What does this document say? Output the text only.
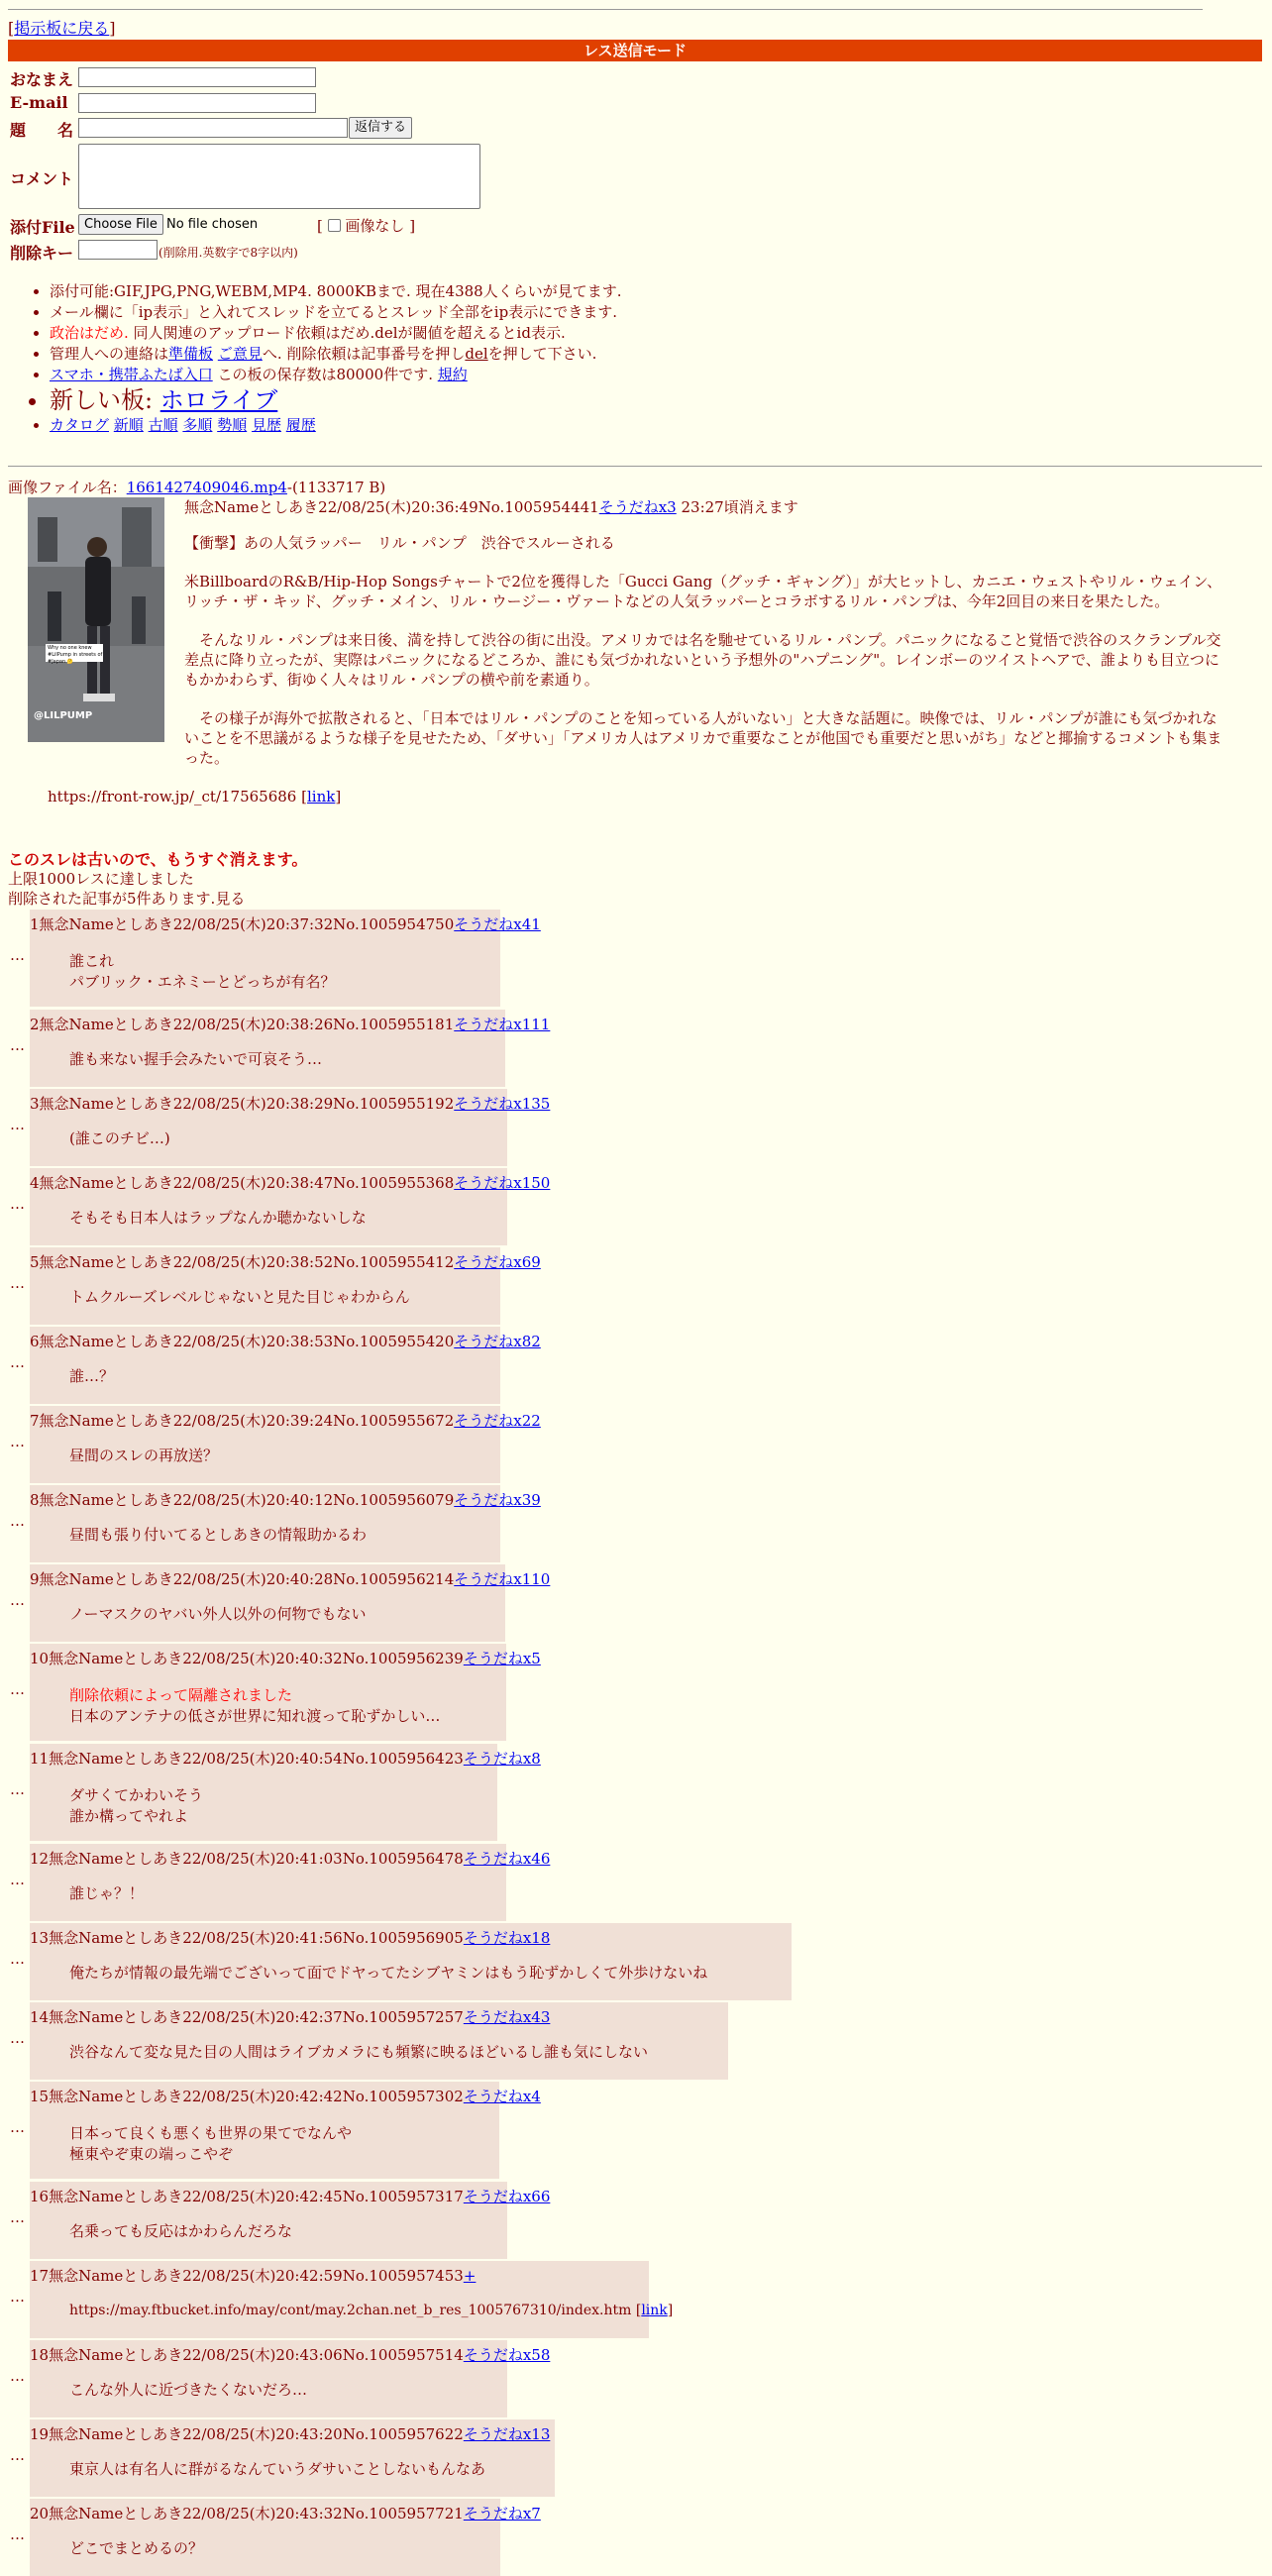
[掲示板に戻る]
レス送信モード
おなまえ
E-mail
題　　名	返信する
コメント
添付File Choose File No file chosen	[ 画像なし ]
削除キー	(削除用.英数字で8字以内)
• 添付可能:GIF,JPG,PNG,WEBM,MP4. 8000KBまで. 現在4388人くらいが見てます.
• メール欄に「ip表示」と入れてスレッドを立てるとスレッド全部をip表示にできます.
• 政治はだめ. 同人関連のアップロード依頼はだめ.delが閾値を超えるとid表示.
• 管理人への連絡は準備板 ご意見へ. 削除依頼は記事番号を押しdelを押して下さい.
• スマホ・携帯ふたば入口 この板の保存数は80000件です. 規約
• 新しい板: ホロライブ
• カタログ 新順 古順 多順 勢順 見歴 履歴
画像ファイル名：1661427409046.mp4-(1133717 B)
Why no one knew #LilPump in streets of #Japan 🤔
@LILPUMP

無念Nameとしあき22/08/25(木)20:36:49No.1005954441そうだねx3 23:27頃消えます

【衝撃】あの人気ラッパー　リル・パンプ　渋谷でスルーされる

米BillboardのR&B/Hip-Hop Songsチャートで2位を獲得した「Gucci Gang（グッチ・ギャング）」が大ヒットし、カニエ・ウェストやリル・ウェイン、リッチ・ザ・キッド、グッチ・メイン、リル・ウージー・ヴァートなどの人気ラッパーとコラボするリル・パンプは、今年2回目の来日を果たした。

　そんなリル・パンプは来日後、満を持して渋谷の街に出没。アメリカでは名を馳せているリル・パンプ。パニックになること覚悟で渋谷のスクランブル交差点に降り立ったが、実際はパニックになるどころか、誰にも気づかれないという予想外の"ハプニング"。レインボーのツイストヘアで、誰よりも目立つにもかかわらず、街ゆく人々はリル・パンプの横や前を素通り。

　その様子が海外で拡散されると、「日本ではリル・パンプのことを知っている人がいない」と大きな話題に。映像では、リル・パンプが誰にも気づかれないことを不思議がるような様子を見せたため、「ダサい」「アメリカ人はアメリカで重要なことが他国でも重要だと思いがち」などと揶揄するコメントも集まった。

https://front-row.jp/_ct/17565686 [link]

このスレは古いので、もうすぐ消えます。
上限1000レスに達しました
削除された記事が5件あります.見る
…
1無念Nameとしあき22/08/25(木)20:37:32No.1005954750そうだねx41
誰これ
パブリック・エネミーとどっちが有名？
…
2無念Nameとしあき22/08/25(木)20:38:26No.1005955181そうだねx111
誰も来ない握手会みたいで可哀そう…
…
3無念Nameとしあき22/08/25(木)20:38:29No.1005955192そうだねx135
(誰このチビ…)
…
4無念Nameとしあき22/08/25(木)20:38:47No.1005955368そうだねx150
そもそも日本人はラップなんか聴かないしな
…
5無念Nameとしあき22/08/25(木)20:38:52No.1005955412そうだねx69
トムクルーズレベルじゃないと見た目じゃわからん
…
6無念Nameとしあき22/08/25(木)20:38:53No.1005955420そうだねx82
誰…？
…
7無念Nameとしあき22/08/25(木)20:39:24No.1005955672そうだねx22
昼間のスレの再放送？
…
8無念Nameとしあき22/08/25(木)20:40:12No.1005956079そうだねx39
昼間も張り付いてるとしあきの情報助かるわ
…
9無念Nameとしあき22/08/25(木)20:40:28No.1005956214そうだねx110
ノーマスクのヤバい外人以外の何物でもない
…
10無念Nameとしあき22/08/25(木)20:40:32No.1005956239そうだねx5
削除依頼によって隔離されました
日本のアンテナの低さが世界に知れ渡って恥ずかしい…
…
11無念Nameとしあき22/08/25(木)20:40:54No.1005956423そうだねx8
ダサくてかわいそう
誰か構ってやれよ
…
12無念Nameとしあき22/08/25(木)20:41:03No.1005956478そうだねx46
誰じゃ？！
…
13無念Nameとしあき22/08/25(木)20:41:56No.1005956905そうだねx18
俺たちが情報の最先端でございって面でドヤってたシブヤミンはもう恥ずかしくて外歩けないね
…
14無念Nameとしあき22/08/25(木)20:42:37No.1005957257そうだねx43
渋谷なんて変な見た目の人間はライブカメラにも頻繁に映るほどいるし誰も気にしない
…
15無念Nameとしあき22/08/25(木)20:42:42No.1005957302そうだねx4
日本って良くも悪くも世界の果てでなんや
極東やぞ東の端っこやぞ
…
16無念Nameとしあき22/08/25(木)20:42:45No.1005957317そうだねx66
名乗っても反応はかわらんだろな
…
17無念Nameとしあき22/08/25(木)20:42:59No.1005957453+
https://may.ftbucket.info/may/cont/may.2chan.net_b_res_1005767310/index.htm [link]
…
18無念Nameとしあき22/08/25(木)20:43:06No.1005957514そうだねx58
こんな外人に近づきたくないだろ…
…
19無念Nameとしあき22/08/25(木)20:43:20No.1005957622そうだねx13
東京人は有名人に群がるなんていうダサいことしないもんなあ
…
20無念Nameとしあき22/08/25(木)20:43:32No.1005957721そうだねx7
どこでまとめるの？
